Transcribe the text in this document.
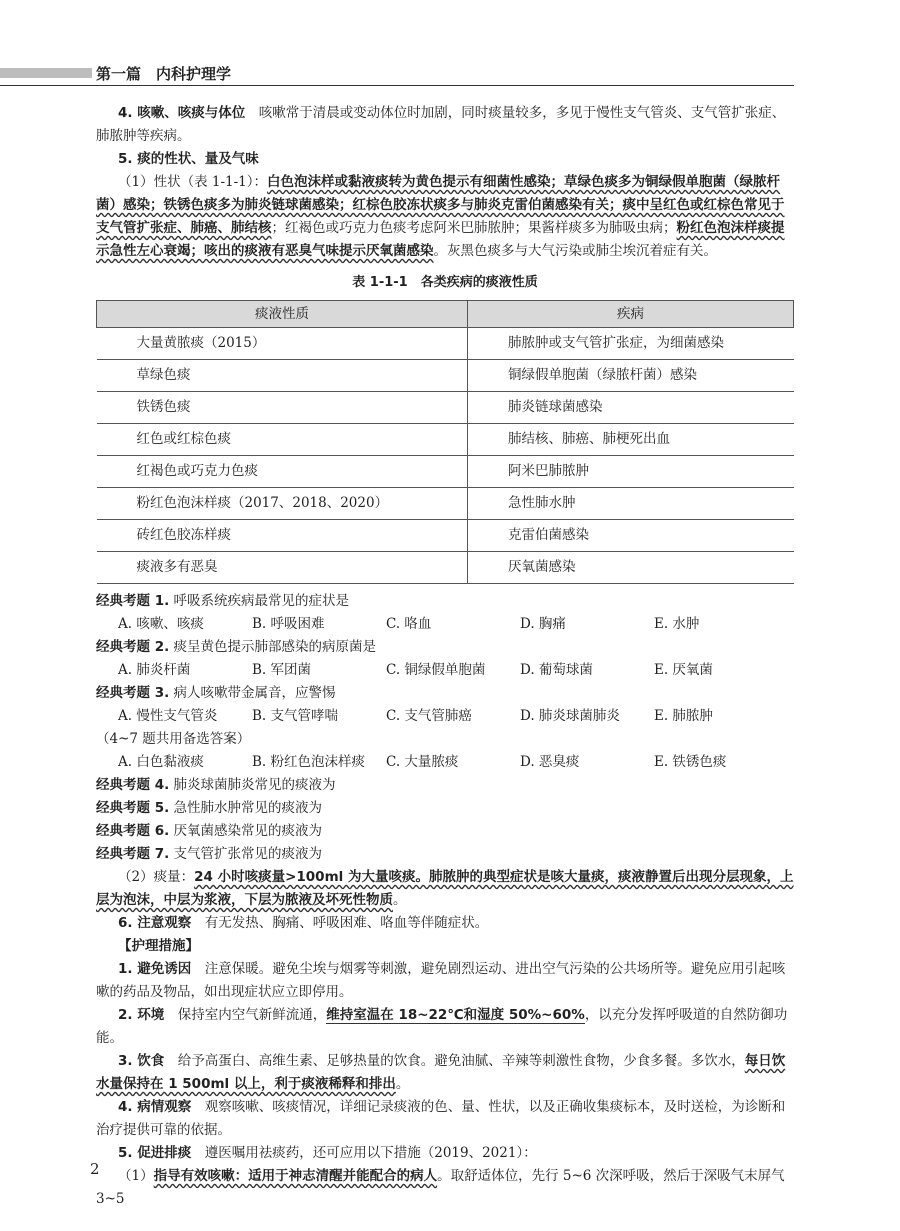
第一篇　内科护理学

4. 咳嗽、咳痰与体位　 咳嗽常于清晨或变动体位时加剧，同时痰量较多，多见于慢性支气管炎、支气管扩张症、肺脓肿等疾病。

5. 痰的性状、量及气味

（1）性状（表 1-1-1）：白色泡沫样或黏液痰转为黄色提示有细菌性感染；草绿色痰多为铜绿假单胞菌（绿脓杆菌）感染；铁锈色痰多为肺炎链球菌感染；红棕色胶冻状痰多与肺炎克雷伯菌感染有关；痰中呈红色或红棕色常见于支气管扩张症、肺癌、肺结核；红褐色或巧克力色痰考虑阿米巴肺脓肿；果酱样痰多为肺吸虫病；粉红色泡沫样痰提示急性左心衰竭；咳出的痰液有恶臭气味提示厌氧菌感染。灰黑色痰多与大气污染或肺尘埃沉着症有关。

表 1-1-1　各类疾病的痰液性质
痰液性质	疾病
大量黄脓痰（2015）	肺脓肿或支气管扩张症，为细菌感染
草绿色痰	铜绿假单胞菌（绿脓杆菌）感染
铁锈色痰	肺炎链球菌感染
红色或红棕色痰	肺结核、肺癌、肺梗死出血
红褐色或巧克力色痰	阿米巴肺脓肿
粉红色泡沫样痰（2017、2018、2020）	急性肺水肿
砖红色胶冻样痰	克雷伯菌感染
痰液多有恶臭	厌氧菌感染

经典考题 1. 呼吸系统疾病最常见的症状是

A. 咳嗽、咳痰	B. 呼吸困难	C. 咯血	D. 胸痛	E. 水肿

经典考题 2. 痰呈黄色提示肺部感染的病原菌是

A. 肺炎杆菌	B. 军团菌	C. 铜绿假单胞菌	D. 葡萄球菌	E. 厌氧菌

经典考题 3. 病人咳嗽带金属音，应警惕

A. 慢性支气管炎	B. 支气管哮喘	C. 支气管肺癌	D. 肺炎球菌肺炎	E. 肺脓肿

（4~7 题共用备选答案）

A. 白色黏液痰	B. 粉红色泡沫样痰	C. 大量脓痰	D. 恶臭痰	E. 铁锈色痰

经典考题 4. 肺炎球菌肺炎常见的痰液为

经典考题 5. 急性肺水肿常见的痰液为

经典考题 6. 厌氧菌感染常见的痰液为

经典考题 7. 支气管扩张常见的痰液为

（2）痰量：24 小时咳痰量>100ml 为大量咳痰。肺脓肿的典型症状是咳大量痰，痰液静置后出现分层现象，上层为泡沫，中层为浆液，下层为脓液及坏死性物质。

6. 注意观察　 有无发热、胸痛、呼吸困难、咯血等伴随症状。

【护理措施】

1. 避免诱因　 注意保暖。避免尘埃与烟雾等刺激，避免剧烈运动、进出空气污染的公共场所等。避免应用引起咳嗽的药品及物品，如出现症状应立即停用。

2. 环境　 保持室内空气新鲜流通，维持室温在 18~22℃和湿度 50%~60%，以充分发挥呼吸道的自然防御功能。

3. 饮食　 给予高蛋白、高维生素、足够热量的饮食。避免油腻、辛辣等刺激性食物，少食多餐。多饮水，每日饮水量保持在 1 500ml 以上，利于痰液稀释和排出。

4. 病情观察　 观察咳嗽、咳痰情况，详细记录痰液的色、量、性状，以及正确收集痰标本，及时送检，为诊断和治疗提供可靠的依据。

5. 促进排痰　 遵医嘱用祛痰药，还可应用以下措施（2019、2021）：

（1）指导有效咳嗽：适用于神志清醒并能配合的病人。取舒适体位，先行 5~6 次深呼吸，然后于深吸气末屏气 3~5

2
